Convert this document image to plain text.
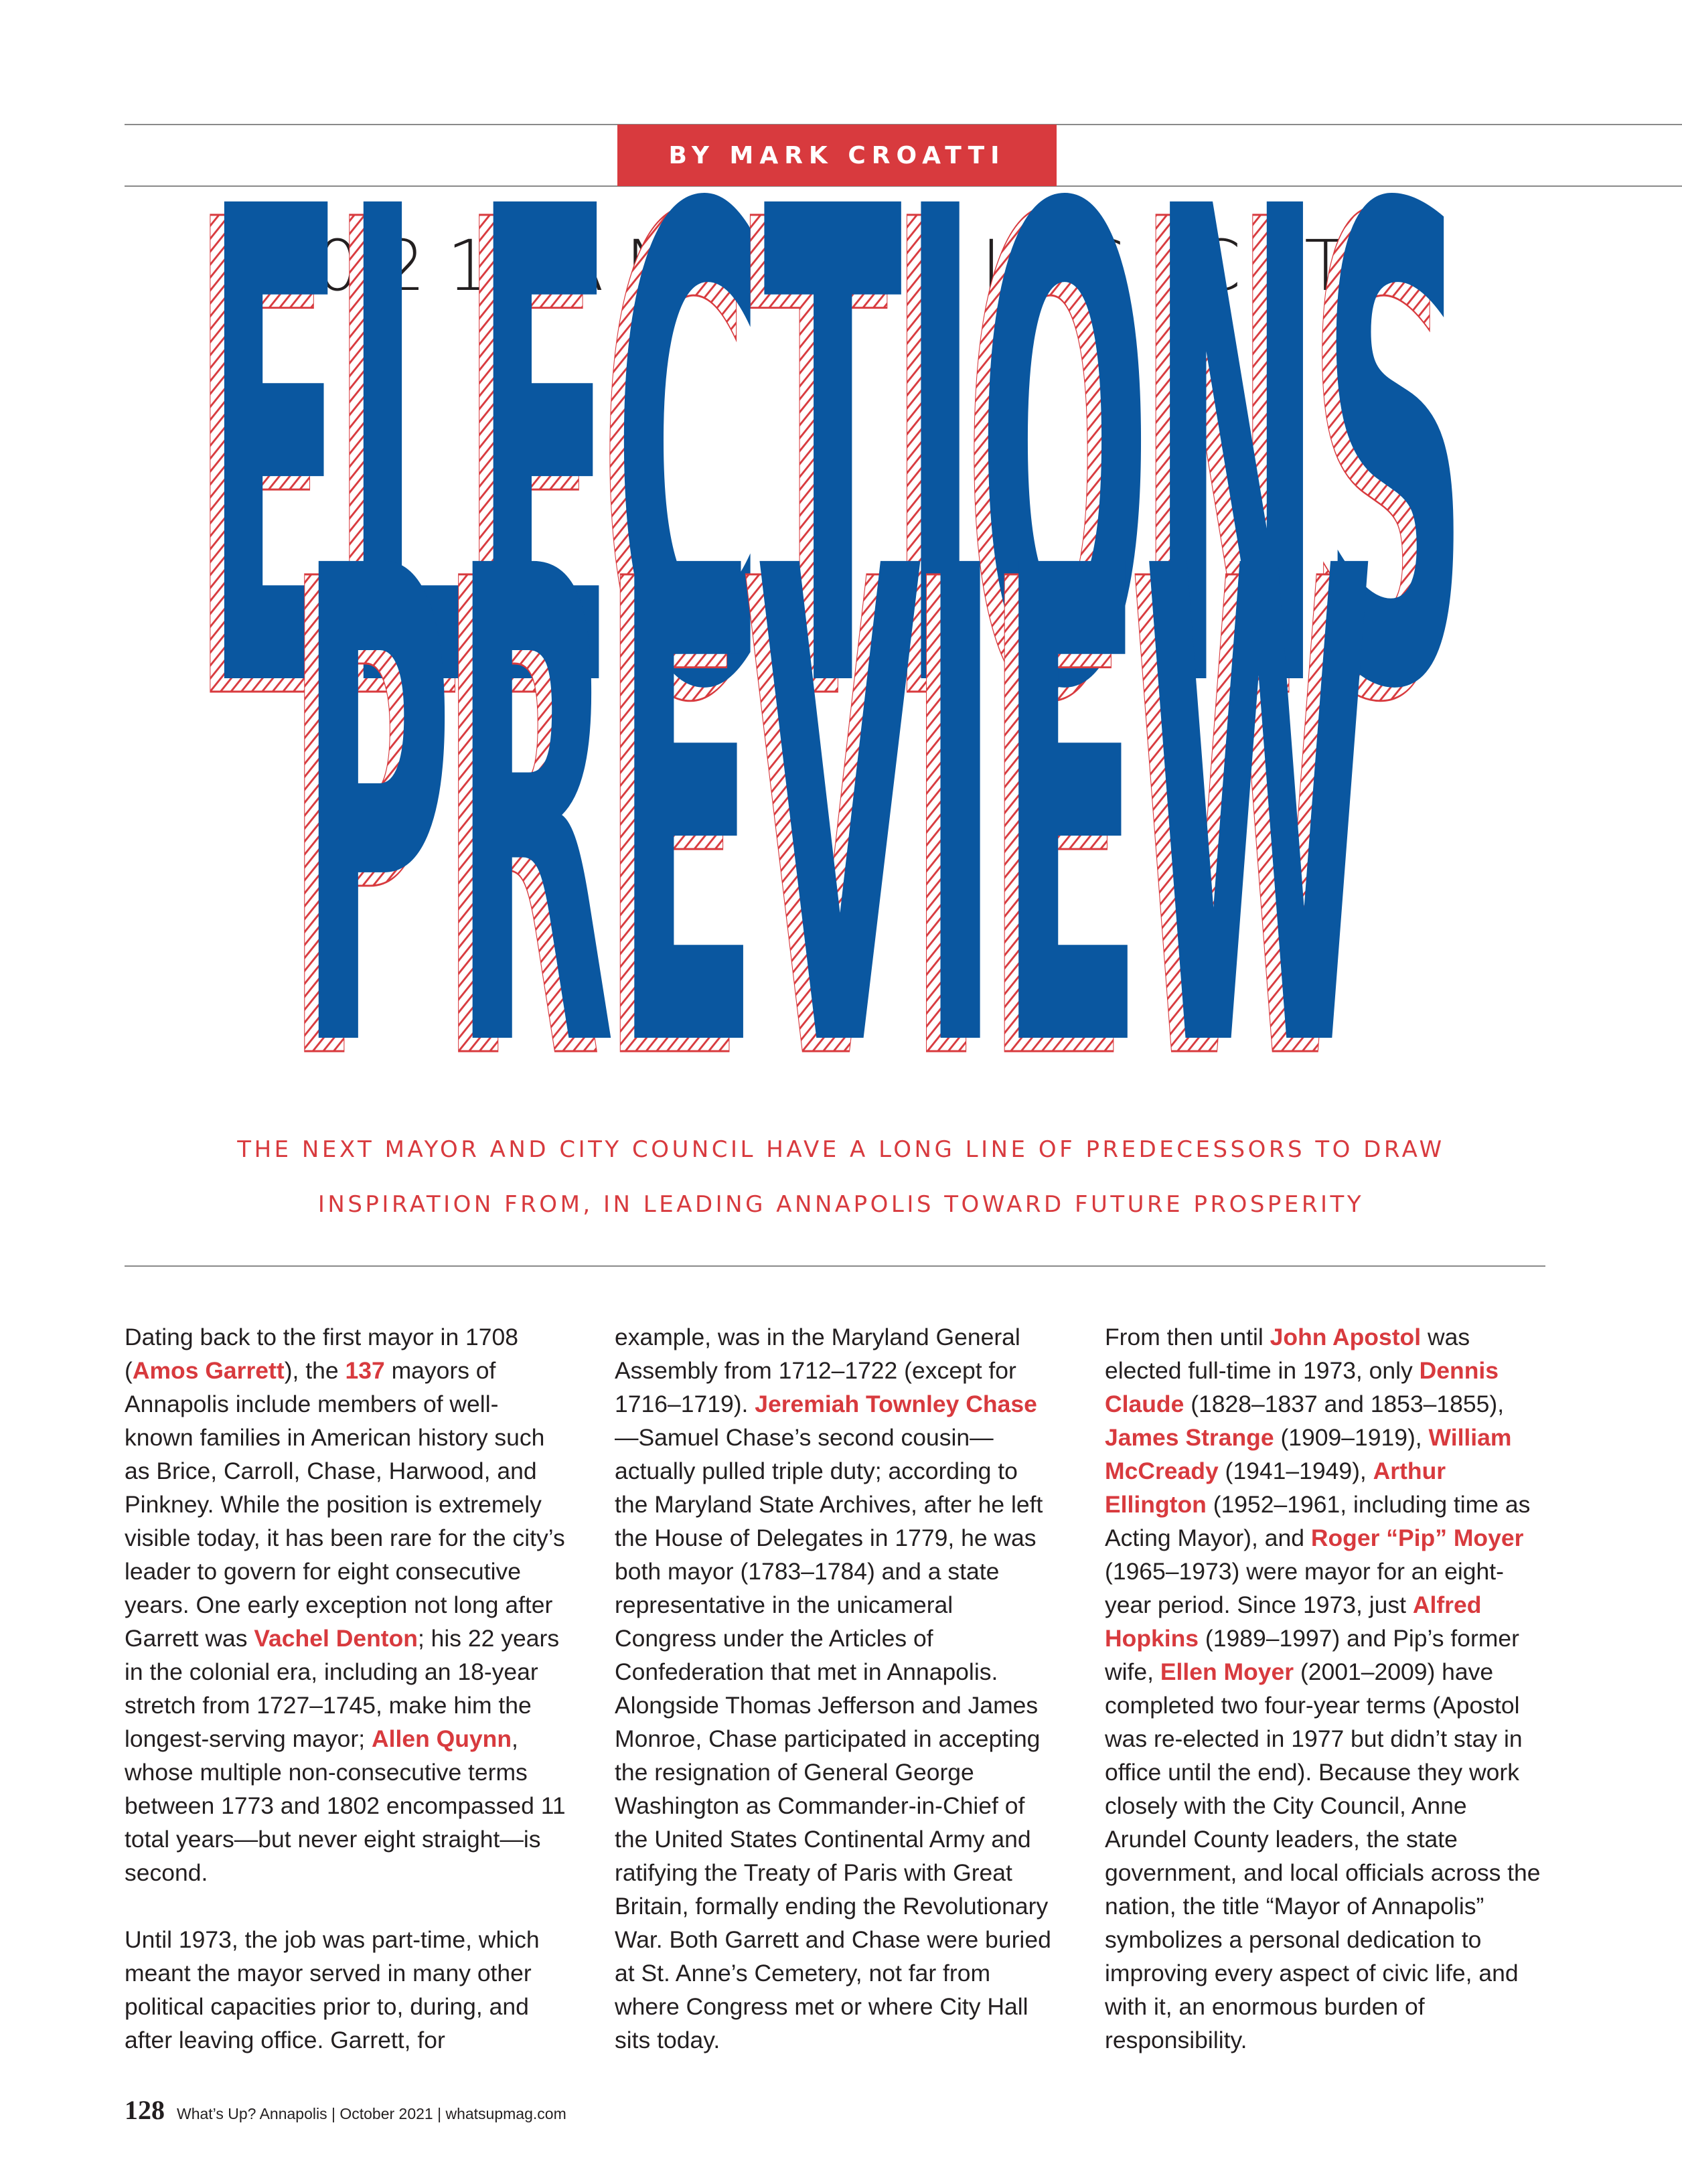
BY MARK CROATTI
2021 ANNAPOLIS CITY
ELECTIONS
ELECTIONS
PREVIEW
PREVIEW
THE NEXT MAYOR AND CITY COUNCIL HAVE A LONG LINE OF PREDECESSORS TO DRAW
INSPIRATION FROM, IN LEADING ANNAPOLIS TOWARD FUTURE PROSPERITY

Dating back to the first mayor in 1708 (Amos Garrett), the 137 mayors of Annapolis include members of well-known families in American history such as Brice, Carroll, Chase, Harwood, and Pinkney. While the position is extremely visible today, it has been rare for the city’s leader to govern for eight consecutive years. One early exception not long after Garrett was Vachel Denton; his 22 years in the colonial era, including an 18-year stretch from 1727–1745, make him the longest-serving mayor; Allen Quynn, whose multiple non-consecutive terms between 1773 and 1802 encompassed 11 total years—but never eight straight—is second.

Until 1973, the job was part-time, which meant the mayor served in many other political capacities prior to, during, and after leaving office. Garrett, for

example, was in the Maryland General Assembly from 1712–1722 (except for 1716–1719). Jeremiah Townley Chase—Samuel Chase’s second cousin—actually pulled triple duty; according to the Maryland State Archives, after he left the House of Delegates in 1779, he was both mayor (1783–1784) and a state representative in the unicameral Congress under the Articles of Confederation that met in Annapolis. Alongside Thomas Jefferson and James Monroe, Chase participated in accepting the resignation of General George Washington as Commander-in-Chief of the United States Continental Army and ratifying the Treaty of Paris with Great Britain, formally ending the Revolutionary War. Both Garrett and Chase were buried at St. Anne’s Cemetery, not far from where Congress met or where City Hall sits today.

From then until John Apostol was elected full-time in 1973, only Dennis Claude (1828–1837 and 1853–1855), James Strange (1909–1919), William McCready (1941–1949), Arthur Ellington (1952–1961, including time as Acting Mayor), and Roger “Pip” Moyer (1965–1973) were mayor for an eight-year period. Since 1973, just Alfred Hopkins (1989–1997) and Pip’s former wife, Ellen Moyer (2001–2009) have completed two four-year terms (Apostol was re-elected in 1977 but didn’t stay in office until the end). Because they work closely with the City Council, Anne Arundel County leaders, the state government, and local officials across the nation, the title “Mayor of Annapolis” symbolizes a personal dedication to improving every aspect of civic life, and with it, an enormous burden of responsibility.

128 What’s Up? Annapolis | October 2021 | whatsupmag.com
